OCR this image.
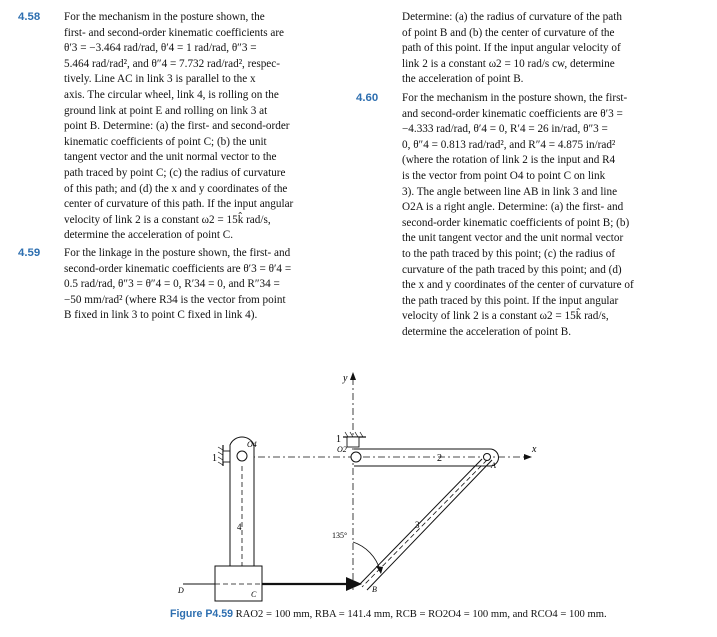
4.58 For the mechanism in the posture shown, the
first- and second-order kinematic coefficients are
θ′3 = −3.464 rad/rad, θ′4 = 1 rad/rad, θ″3 =
5.464 rad/rad², and θ″4 = 7.732 rad/rad², respec-
tively. Line AC in link 3 is parallel to the x
axis. The circular wheel, link 4, is rolling on the
ground link at point E and rolling on link 3 at
point B. Determine: (a) the first- and second-order
kinematic coefficients of point C; (b) the unit
tangent vector and the unit normal vector to the
path traced by point C; (c) the radius of curvature
of this path; and (d) the x and y coordinates of the
center of curvature of this path. If the input angular
velocity of link 2 is a constant ω2 = 15k̂ rad/s,
determine the acceleration of point C.
4.59 For the linkage in the posture shown, the first- and
second-order kinematic coefficients are θ′3 = θ′4 =
0.5 rad/rad, θ″3 = θ″4 = 0, R′34 = 0, and R″34 =
−50 mm/rad² (where R34 is the vector from point
B fixed in link 3 to point C fixed in link 4).
Determine: (a) the radius of curvature of the path
of point B and (b) the center of curvature of the
path of this point. If the input angular velocity of
link 2 is a constant ω2 = 10 rad/s cw, determine
the acceleration of point B.
4.60 For the mechanism in the posture shown, the first-
and second-order kinematic coefficients are θ′3 =
−4.333 rad/rad, θ′4 = 0, R′4 = 26 in/rad, θ″3 =
0, θ″4 = 0.813 rad/rad², and R″4 = 4.875 in/rad²
(where the rotation of link 2 is the input and R4
is the vector from point O4 to point C on link
3). The angle between line AB in link 3 and line
O2A is a right angle. Determine: (a) the first- and
second-order kinematic coefficients of point B; (b)
the unit tangent vector and the unit normal vector
to the path traced by this point; (c) the radius of
curvature of the path traced by this point; and (d)
the x and y coordinates of the center of curvature of
the path traced by this point. If the input angular
velocity of link 2 is a constant ω2 = 15k̂ rad/s,
determine the acceleration of point B.
y
x
1
2
O2
A
3
135°
B
1
O4
4
C
D
Figure P4.59 RAO2 = 100 mm, RBA = 141.4 mm, RCB = RO2O4 = 100 mm, and RCO4 = 100 mm.
